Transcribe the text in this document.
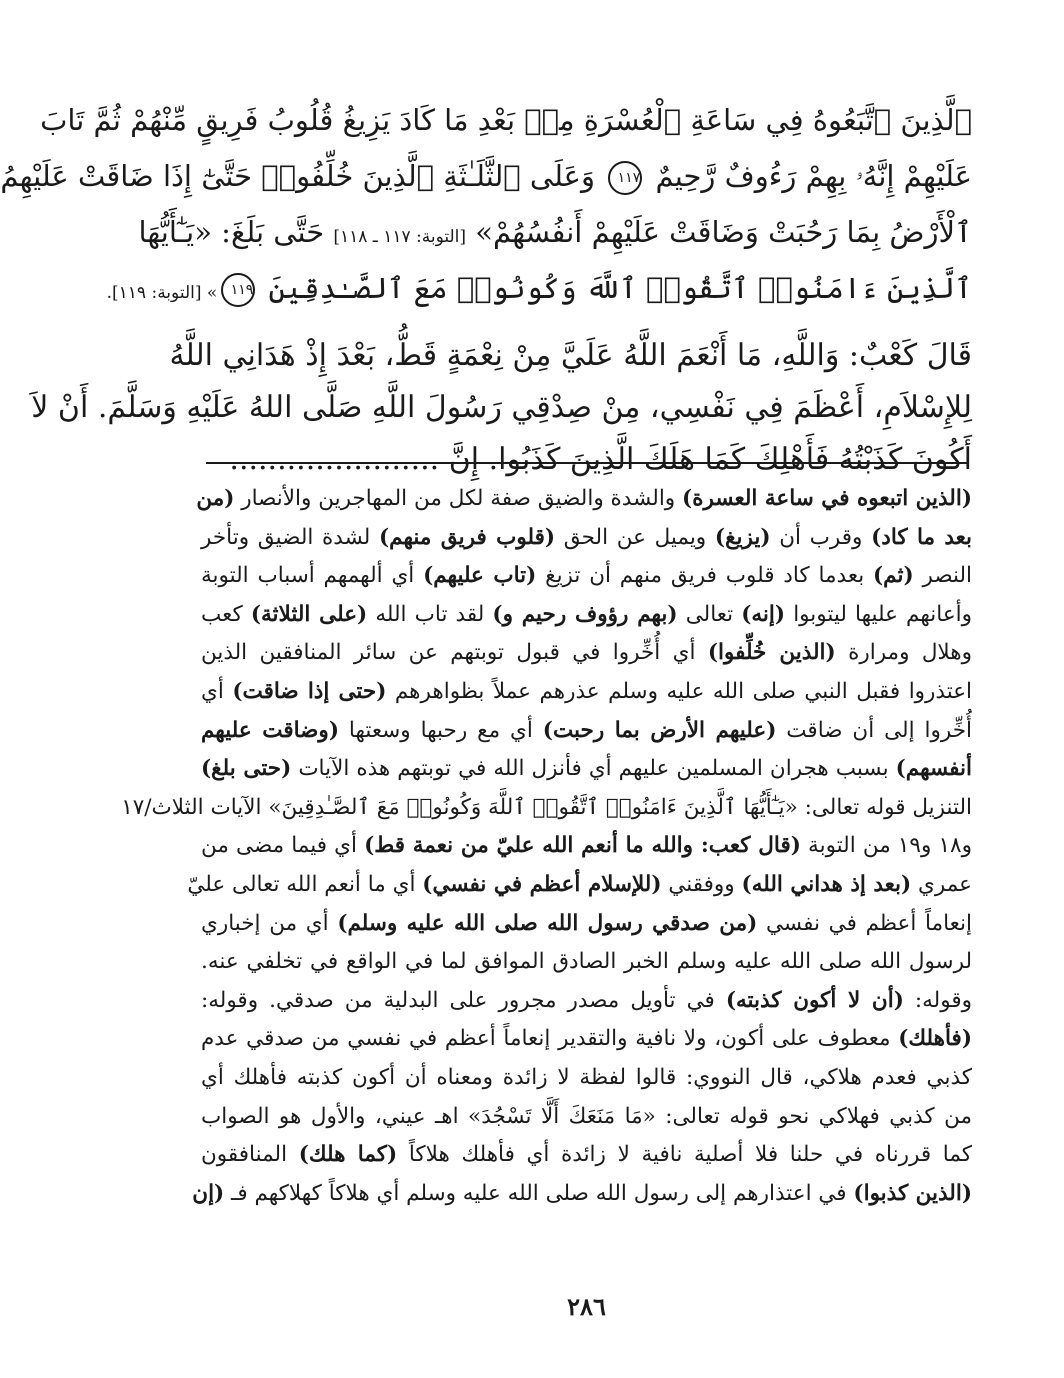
ٱلَّذِينَ ٱتَّبَعُوهُ فِي سَاعَةِ ٱلْعُسْرَةِ مِنۢ بَعْدِ مَا كَادَ يَزِيغُ قُلُوبُ فَرِيقٍ مِّنْهُمْ ثُمَّ تَابَ
عَلَيْهِمْ إِنَّهُۥ بِهِمْ رَءُوفٌ رَّحِيمٌ ١١٧ وَعَلَى ٱلثَّلَـٰثَةِ ٱلَّذِينَ خُلِّفُوا۟ حَتَّىٰٓ إِذَا ضَاقَتْ عَلَيْهِمُ
ٱلْأَرْضُ بِمَا رَحُبَتْ وَضَاقَتْ عَلَيْهِمْ أَنفُسُهُمْ» [التوبة: ١١٧ ـ ١١٨] حَتَّى بَلَغَ: «يَـٰٓأَيُّهَا
ٱلَّذِينَ ءَامَنُوا۟ ٱتَّقُوا۟ ٱللَّهَ وَكُونُوا۟ مَعَ ٱلصَّـٰدِقِينَ ١١٩» [التوبة: ١١٩].
قَالَ كَعْبٌ: وَاللَّهِ، مَا أَنْعَمَ اللَّهُ عَلَيَّ مِنْ نِعْمَةٍ قَطُّ، بَعْدَ إِذْ هَدَانِي اللَّهُ
لِلإِسْلاَمِ، أَعْظَمَ فِي نَفْسِي، مِنْ صِدْقِي رَسُولَ اللَّهِ صَلَّى اللهُ عَلَيْهِ وَسَلَّمَ. أَنْ لاَ
أَكُونَ كَذَبْتُهُ فَأَهْلِكَ كَمَا هَلَكَ الَّذِينَ كَذَبُوا. إِنَّ ......................
(الذين اتبعوه في ساعة العسرة) والشدة والضيق صفة لكل من المهاجرين والأنصار (من
بعد ما كاد) وقرب أن (يزيغ) ويميل عن الحق (قلوب فريق منهم) لشدة الضيق وتأخر
النصر (ثم) بعدما كاد قلوب فريق منهم أن تزيغ (تاب عليهم) أي ألهمهم أسباب التوبة
وأعانهم عليها ليتوبوا (إنه) تعالى (بهم رؤوف رحيم و) لقد تاب الله (على الثلاثة) كعب
وهلال ومرارة (الذين خُلِّفوا) أي أُخِّروا في قبول توبتهم عن سائر المنافقين الذين
اعتذروا فقبل النبي صلى الله عليه وسلم عذرهم عملاً بظواهرهم (حتى إذا ضاقت) أي
أُخِّروا إلى أن ضاقت (عليهم الأرض بما رحبت) أي مع رحبها وسعتها (وضاقت عليهم
أنفسهم) بسبب هجران المسلمين عليهم أي فأنزل الله في توبتهم هذه الآيات (حتى بلغ)
التنزيل قوله تعالى: «يَـٰٓأَيُّهَا ٱلَّذِينَ ءَامَنُوا۟ ٱتَّقُوا۟ ٱللَّهَ وَكُونُوا۟ مَعَ ٱلصَّـٰدِقِينَ» الآيات الثلاث/١٧
و١٨ و١٩ من التوبة (قال كعب: والله ما أنعم الله عليّ من نعمة قط) أي فيما مضى من
عمري (بعد إذ هداني الله) ووفقني (للإسلام أعظم في نفسي) أي ما أنعم الله تعالى عليّ
إنعاماً أعظم في نفسي (من صدقي رسول الله صلى الله عليه وسلم) أي من إخباري
لرسول الله صلى الله عليه وسلم الخبر الصادق الموافق لما في الواقع في تخلفي عنه.
وقوله: (أن لا أكون كذبته) في تأويل مصدر مجرور على البدلية من صدقي. وقوله:
(فأهلك) معطوف على أكون، ولا نافية والتقدير إنعاماً أعظم في نفسي من صدقي عدم
كذبي فعدم هلاكي، قال النووي: قالوا لفظة لا زائدة ومعناه أن أكون كذبته فأهلك أي
من كذبي فهلاكي نحو قوله تعالى: «مَا مَنَعَكَ أَلَّا تَسْجُدَ» اهـ عيني، والأول هو الصواب
كما قررناه في حلنا فلا أصلية نافية لا زائدة أي فأهلك هلاكاً (كما هلك) المنافقون
(الذين كذبوا) في اعتذارهم إلى رسول الله صلى الله عليه وسلم أي هلاكاً كهلاكهم فـ (إن
٢٨٦
